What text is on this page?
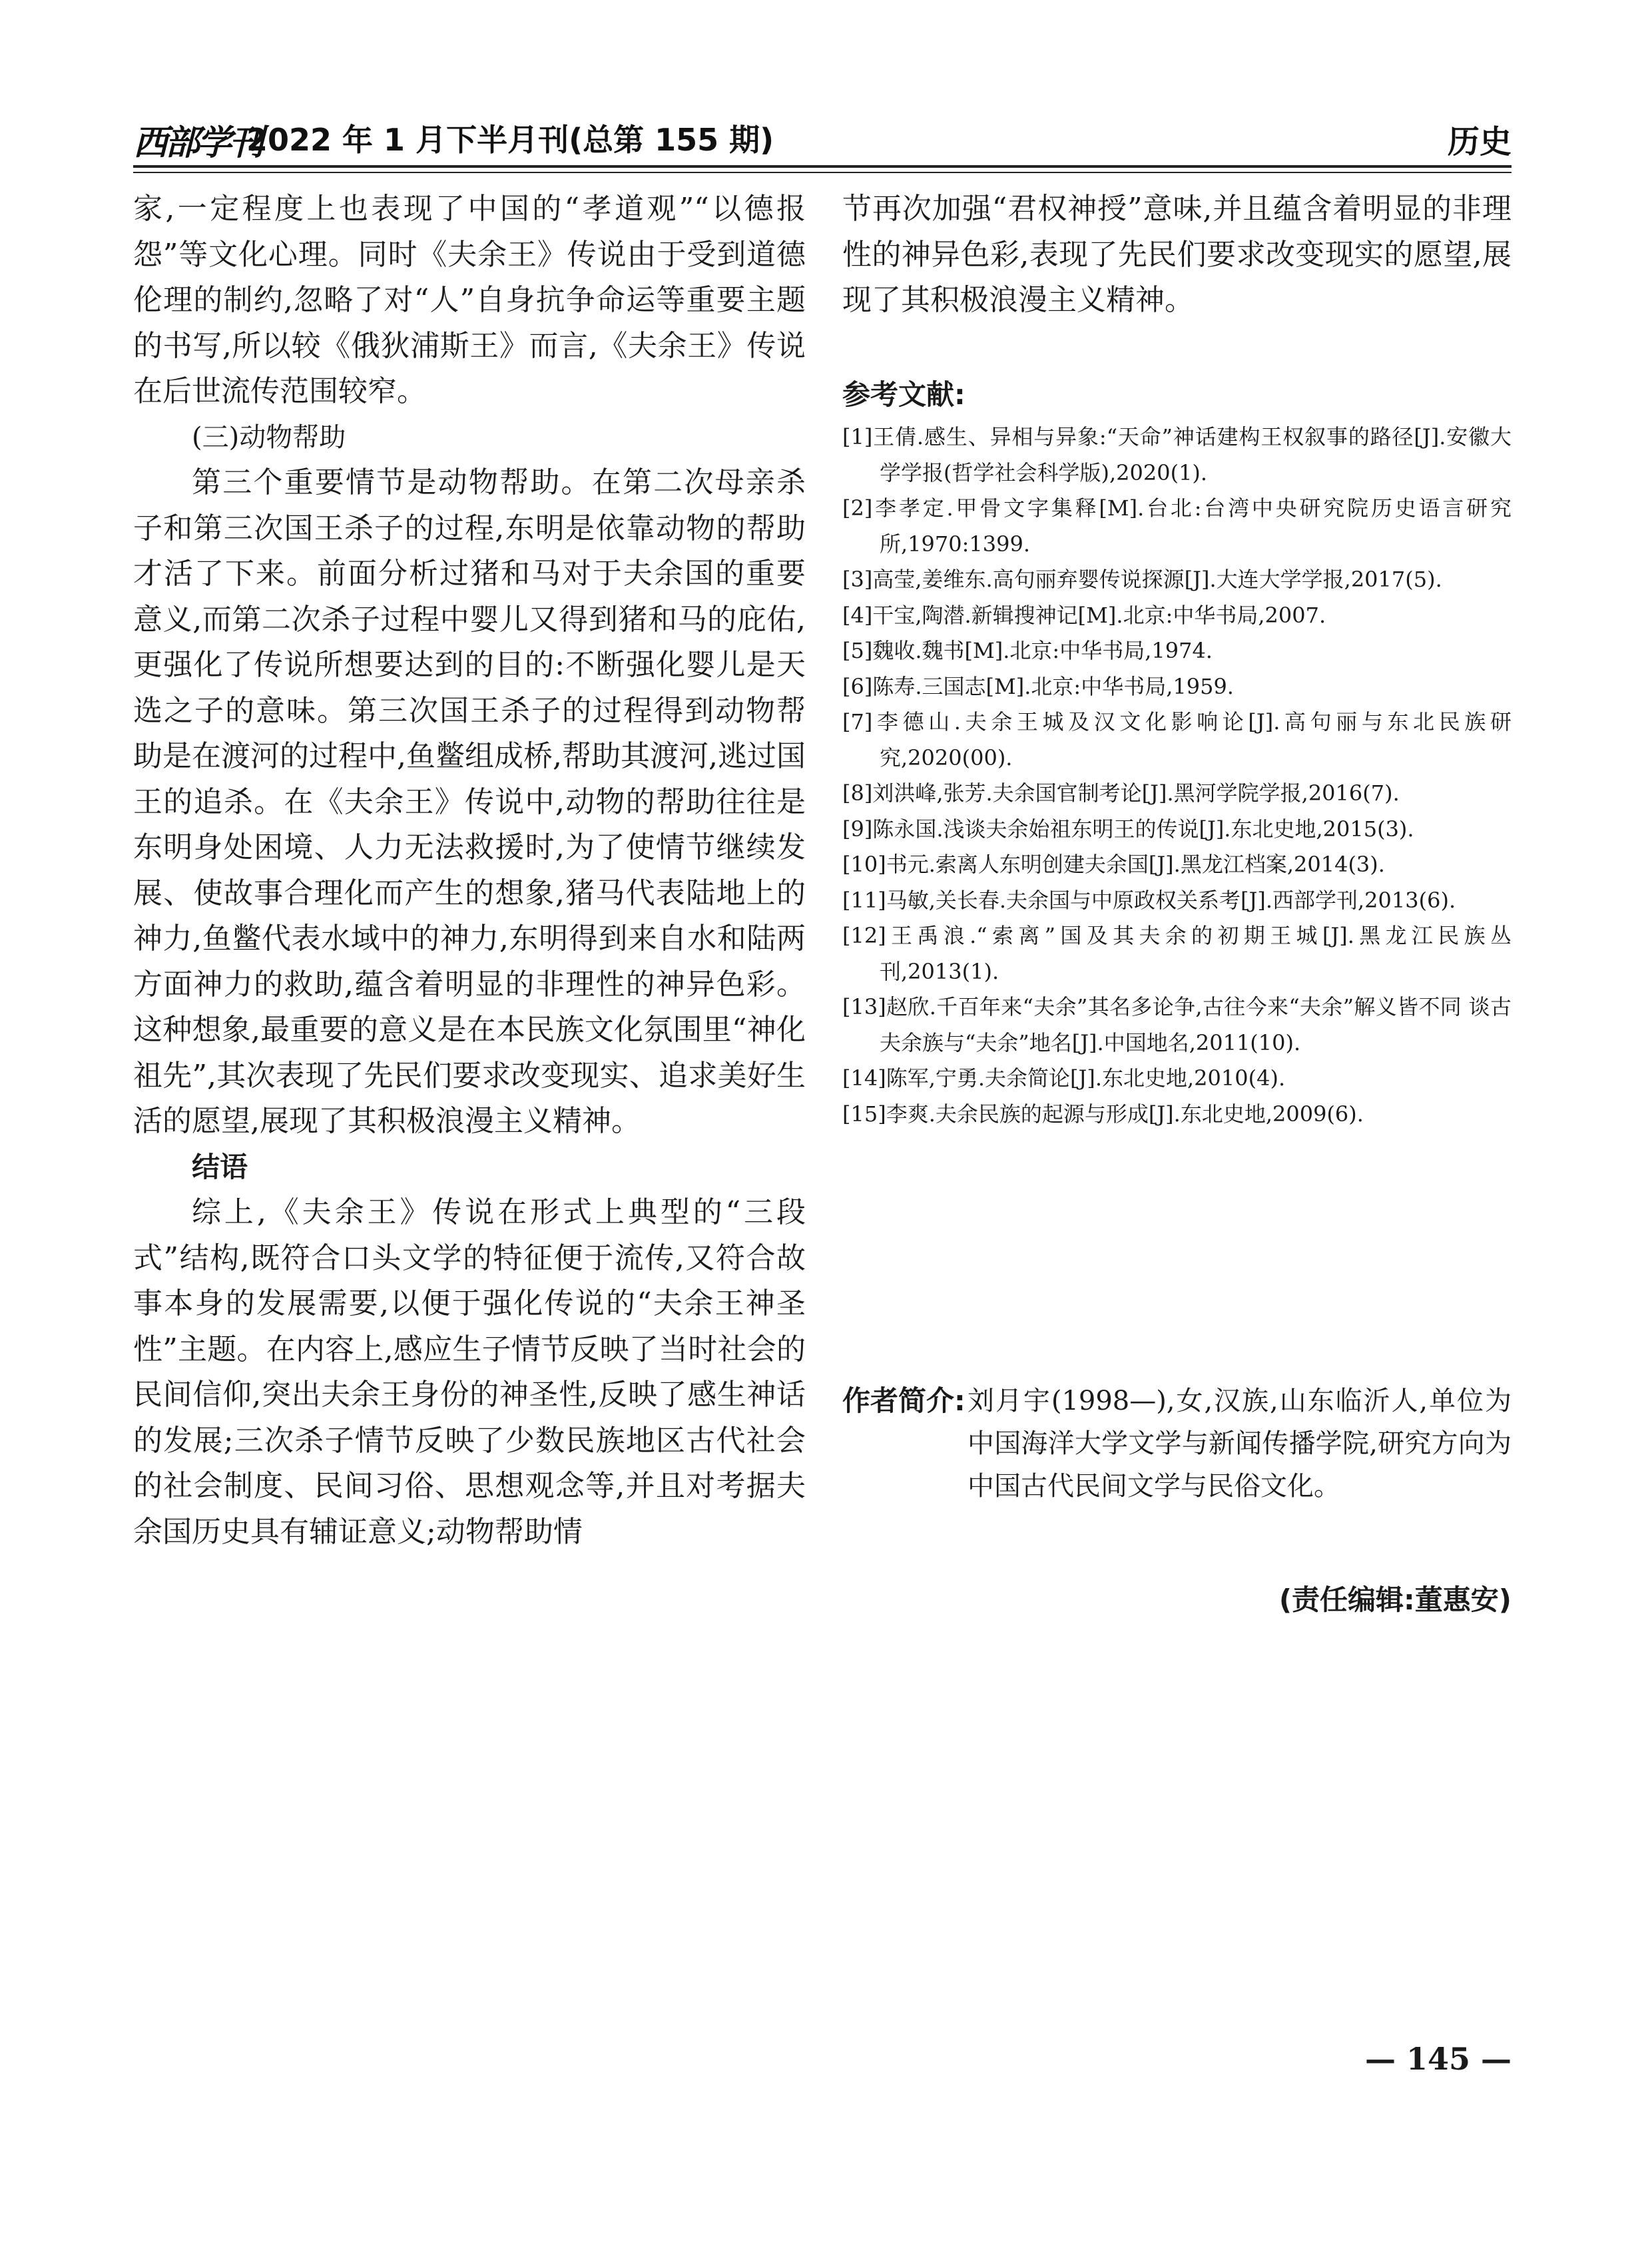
西部学刊
2022 年 1 月下半月刊(总第 155 期)	历史

家,一定程度上也表现了中国的“孝道观”“以德报怨”等文化心理。同时《夫余王》传说由于受到道德伦理的制约,忽略了对“人”自身抗争命运等重要主题的书写,所以较《俄狄浦斯王》而言,《夫余王》传说在后世流传范围较窄。

(三)动物帮助

第三个重要情节是动物帮助。在第二次母亲杀子和第三次国王杀子的过程,东明是依靠动物的帮助才活了下来。前面分析过猪和马对于夫余国的重要意义,而第二次杀子过程中婴儿又得到猪和马的庇佑,更强化了传说所想要达到的目的:不断强化婴儿是天选之子的意味。第三次国王杀子的过程得到动物帮助是在渡河的过程中,鱼鳖组成桥,帮助其渡河,逃过国王的追杀。在《夫余王》传说中,动物的帮助往往是东明身处困境、人力无法救援时,为了使情节继续发展、使故事合理化而产生的想象,猪马代表陆地上的神力,鱼鳖代表水域中的神力,东明得到来自水和陆两方面神力的救助,蕴含着明显的非理性的神异色彩。这种想象,最重要的意义是在本民族文化氛围里“神化祖先”,其次表现了先民们要求改变现实、追求美好生活的愿望,展现了其积极浪漫主义精神。

结语

综上,《夫余王》传说在形式上典型的“三段式”结构,既符合口头文学的特征便于流传,又符合故事本身的发展需要,以便于强化传说的“夫余王神圣性”主题。在内容上,感应生子情节反映了当时社会的民间信仰,突出夫余王身份的神圣性,反映了感生神话的发展;三次杀子情节反映了少数民族地区古代社会的社会制度、民间习俗、思想观念等,并且对考据夫余国历史具有辅证意义;动物帮助情

节再次加强“君权神授”意味,并且蕴含着明显的非理性的神异色彩,表现了先民们要求改变现实的愿望,展现了其积极浪漫主义精神。

参考文献:
[1]王倩.感生、异相与异象:“天命”神话建构王权叙事的路径[J].安徽大学学报(哲学社会科学版),2020(1).
[2]李孝定.甲骨文字集释[M].台北:台湾中央研究院历史语言研究所,1970:1399.
[3]高莹,姜维东.高句丽弃婴传说探源[J].大连大学学报,2017(5).
[4]干宝,陶潜.新辑搜神记[M].北京:中华书局,2007.
[5]魏收.魏书[M].北京:中华书局,1974.
[6]陈寿.三国志[M].北京:中华书局,1959.
[7]李德山.夫余王城及汉文化影响论[J].高句丽与东北民族研究,2020(00).
[8]刘洪峰,张芳.夫余国官制考论[J].黑河学院学报,2016(7).
[9]陈永国.浅谈夫余始祖东明王的传说[J].东北史地,2015(3).
[10]书元.索离人东明创建夫余国[J].黑龙江档案,2014(3).
[11]马敏,关长春.夫余国与中原政权关系考[J].西部学刊,2013(6).
[12]王禹浪.“索离”国及其夫余的初期王城[J].黑龙江民族丛刊,2013(1).
[13]赵欣.千百年来“夫余”其名多论争,古往今来“夫余”解义皆不同 谈古夫余族与“夫余”地名[J].中国地名,2011(10).
[14]陈军,宁勇.夫余简论[J].东北史地,2010(4).
[15]李爽.夫余民族的起源与形成[J].东北史地,2009(6).
作者简介: 刘月宇(1998—),女,汉族,山东临沂人,单位为中国海洋大学文学与新闻传播学院,研究方向为中国古代民间文学与民俗文化。

(责任编辑:董惠安)
— 145 —
